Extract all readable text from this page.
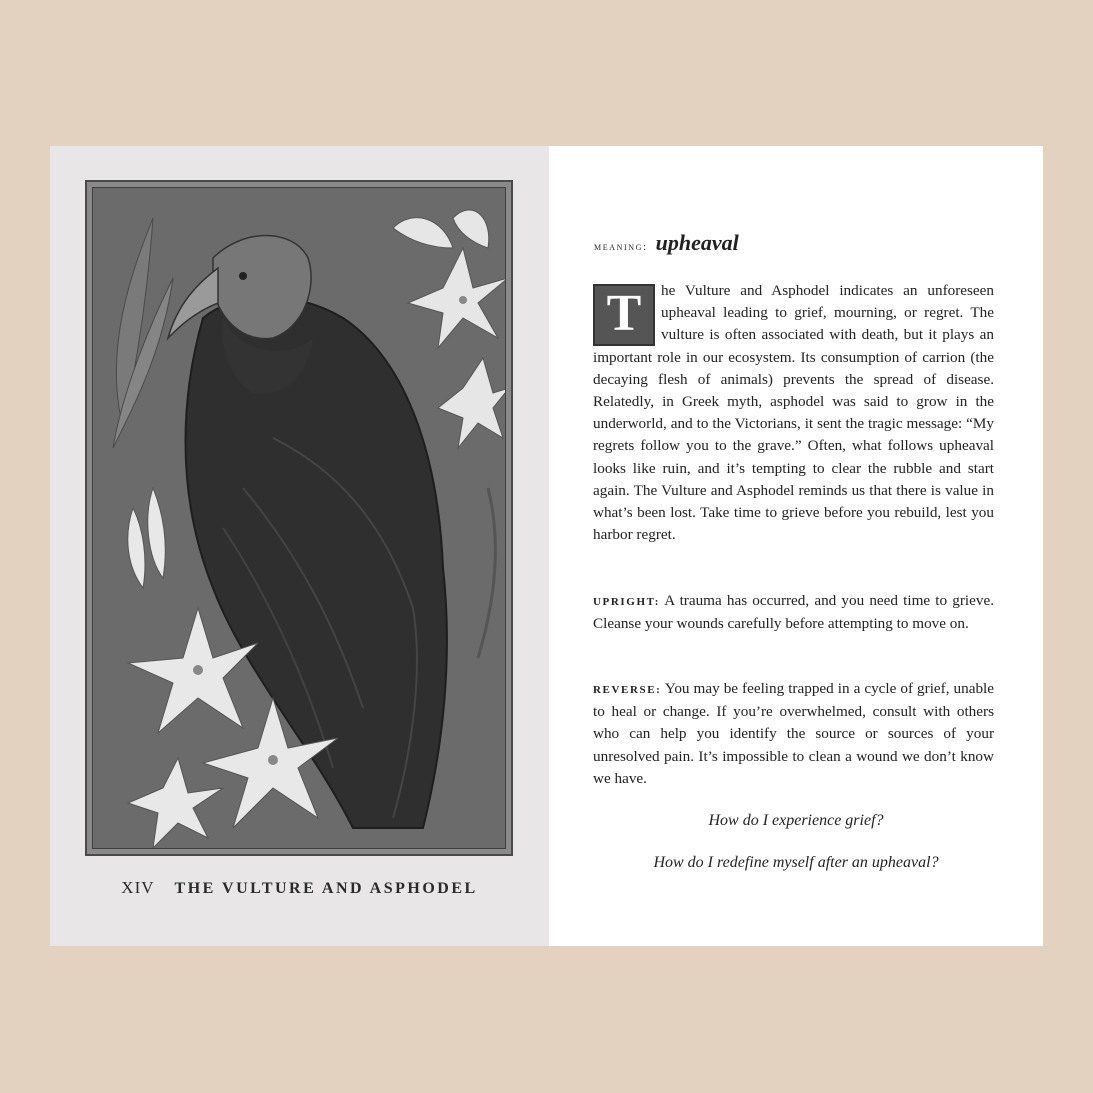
XIV THE VULTURE AND ASPHODEL
meaning: upheaval
T	he Vulture and Asphodel indicates an unforeseen upheaval leading to grief, mourning, or regret. The vulture is often associated with death, but it plays an important role in our ecosystem. Its consumption of carrion (the decaying flesh of animals) prevents the spread of disease. Relatedly, in Greek myth, asphodel was said to grow in the underworld, and to the Victorians, it sent the tragic message: “My regrets follow you to the grave.” Often, what follows upheaval looks like ruin, and it’s tempting to clear the rubble and start again. The Vulture and Asphodel reminds us that there is value in what’s been lost. Take time to grieve before you rebuild, lest you harbor regret.
UPRIGHT: A trauma has occurred, and you need time to grieve. Cleanse your wounds carefully before attempting to move on.
REVERSE: You may be feeling trapped in a cycle of grief, unable to heal or change. If you’re overwhelmed, consult with others who can help you identify the source or sources of your unresolved pain. It’s impossible to clean a wound we don’t know we have.
How do I experience grief?
How do I redefine myself after an upheaval?
